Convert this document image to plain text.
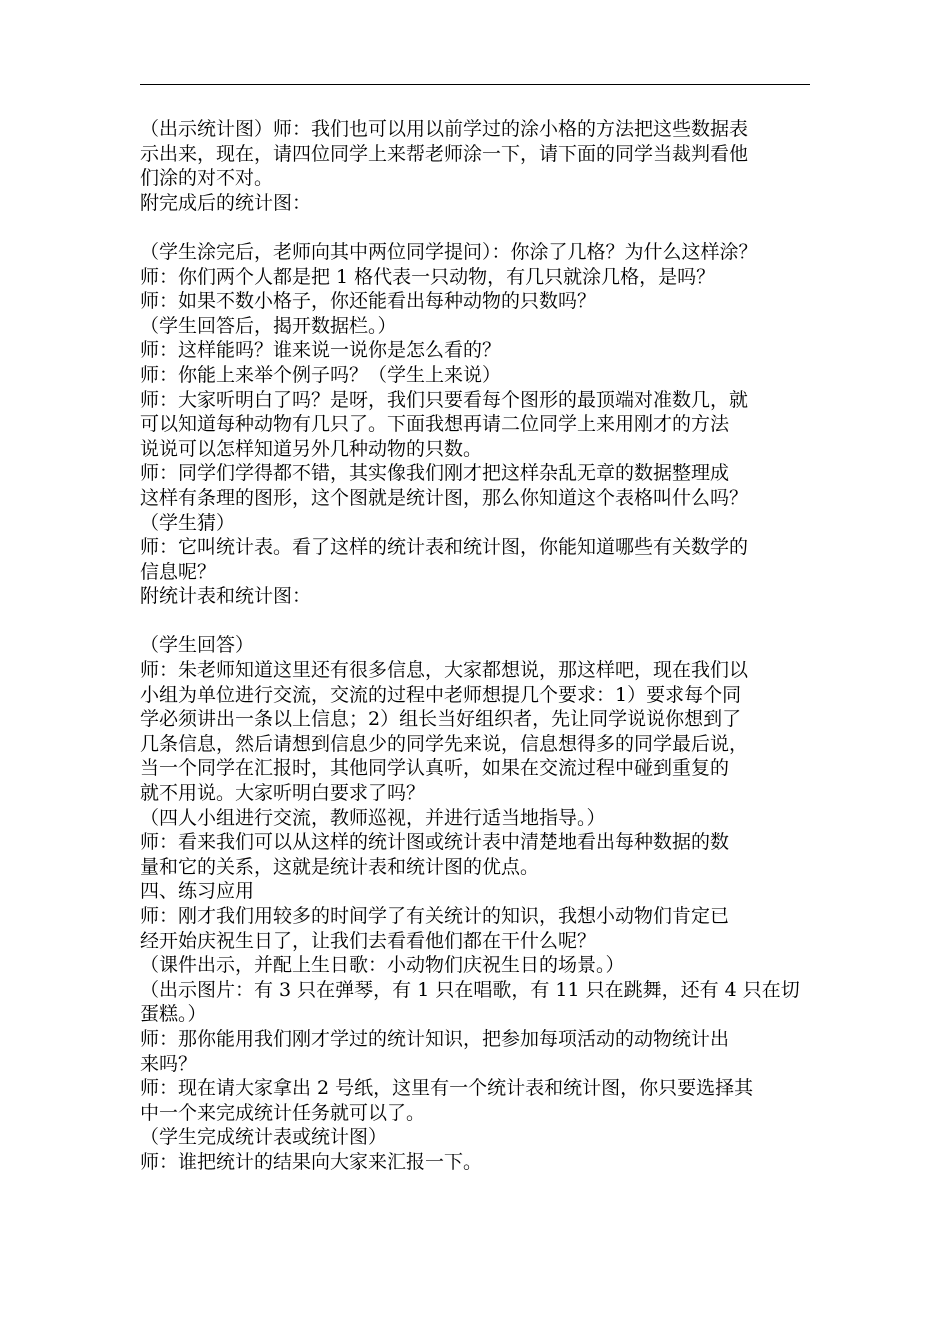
（出示统计图）师：我们也可以用以前学过的涂小格的方法把这些数据表
示出来，现在，请四位同学上来帮老师涂一下，请下面的同学当裁判看他
们涂的对不对。
附完成后的统计图：
（学生涂完后，老师向其中两位同学提问）：你涂了几格？为什么这样涂？
师：你们两个人都是把 1 格代表一只动物，有几只就涂几格，是吗？
师：如果不数小格子，你还能看出每种动物的只数吗？
（学生回答后，揭开数据栏。）
师：这样能吗？谁来说一说你是怎么看的？
师：你能上来举个例子吗？（学生上来说）
师：大家听明白了吗？是呀，我们只要看每个图形的最顶端对准数几，就
可以知道每种动物有几只了。下面我想再请二位同学上来用刚才的方法
说说可以怎样知道另外几种动物的只数。
师：同学们学得都不错，其实像我们刚才把这样杂乱无章的数据整理成
这样有条理的图形，这个图就是统计图，那么你知道这个表格叫什么吗？
（学生猜）
师：它叫统计表。看了这样的统计表和统计图，你能知道哪些有关数学的
信息呢？
附统计表和统计图：
（学生回答）
师：朱老师知道这里还有很多信息，大家都想说，那这样吧，现在我们以
小组为单位进行交流，交流的过程中老师想提几个要求：1）要求每个同
学必须讲出一条以上信息；2）组长当好组织者，先让同学说说你想到了
几条信息，然后请想到信息少的同学先来说，信息想得多的同学最后说，
当一个同学在汇报时，其他同学认真听，如果在交流过程中碰到重复的
就不用说。大家听明白要求了吗？
（四人小组进行交流，教师巡视，并进行适当地指导。）
师：看来我们可以从这样的统计图或统计表中清楚地看出每种数据的数
量和它的关系，这就是统计表和统计图的优点。
四、练习应用
师：刚才我们用较多的时间学了有关统计的知识，我想小动物们肯定已
经开始庆祝生日了，让我们去看看他们都在干什么呢？
（课件出示，并配上生日歌：小动物们庆祝生日的场景。）
（出示图片：有 3 只在弹琴，有 1 只在唱歌，有 11 只在跳舞，还有 4 只在切
蛋糕。）
师：那你能用我们刚才学过的统计知识，把参加每项活动的动物统计出
来吗？
师：现在请大家拿出 2 号纸，这里有一个统计表和统计图，你只要选择其
中一个来完成统计任务就可以了。
（学生完成统计表或统计图）
师：谁把统计的结果向大家来汇报一下。
